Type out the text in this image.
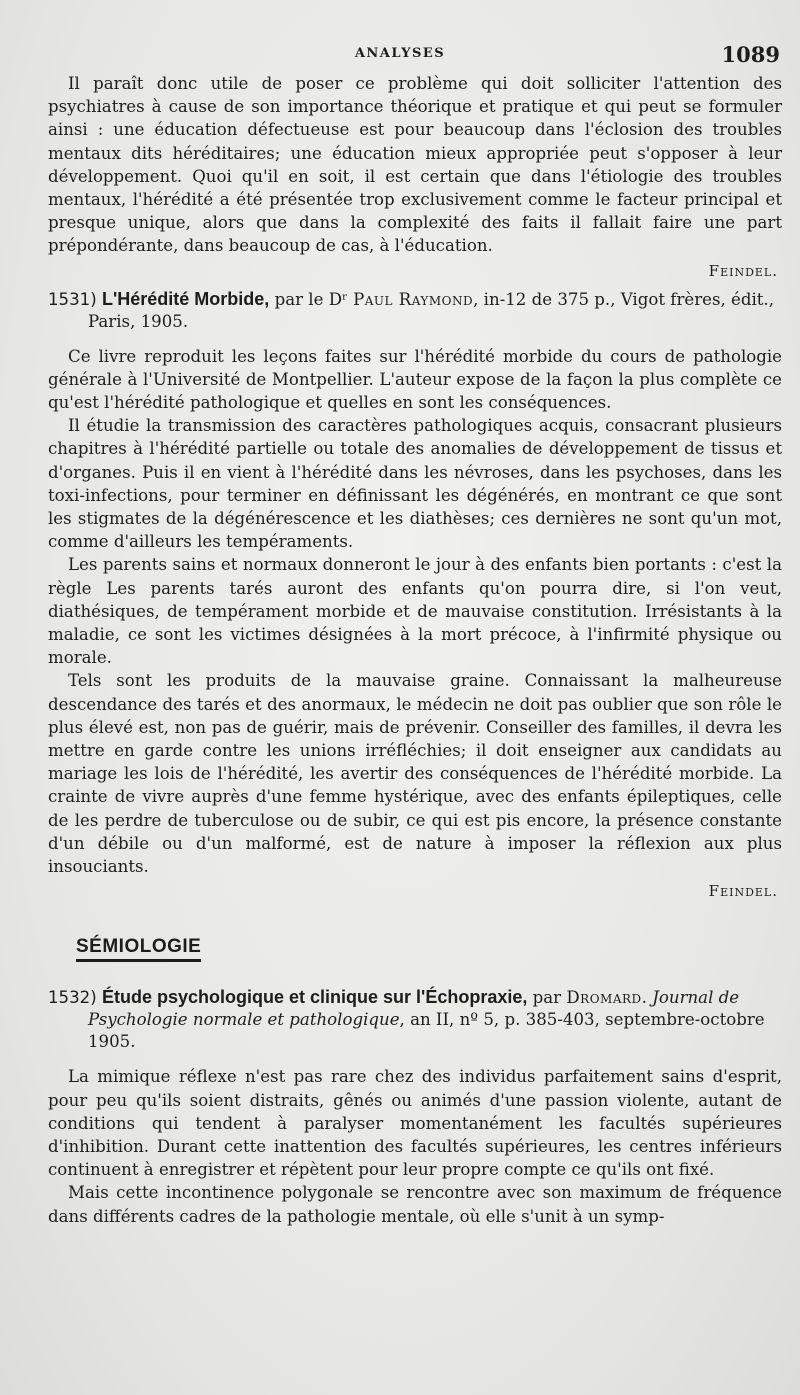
ANALYSES	1089

Il paraît donc utile de poser ce problème qui doit solliciter l'attention des psychiatres à cause de son importance théorique et pratique et qui peut se formuler ainsi : une éducation défectueuse est pour beaucoup dans l'éclosion des troubles mentaux dits héréditaires; une éducation mieux appropriée peut s'opposer à leur développement. Quoi qu'il en soit, il est certain que dans l'étiologie des troubles mentaux, l'hérédité a été présentée trop exclusivement comme le facteur principal et presque unique, alors que dans la complexité des faits il fallait faire une part prépondérante, dans beaucoup de cas, à l'éducation.

Feindel.
1531) L'Hérédité Morbide, par le Dʳ Paul Raymond, in-12 de 375 p., Vigot frères, édit., Paris, 1905.

Ce livre reproduit les leçons faites sur l'hérédité morbide du cours de pathologie générale à l'Université de Montpellier. L'auteur expose de la façon la plus complète ce qu'est l'hérédité pathologique et quelles en sont les conséquences.

Il étudie la transmission des caractères pathologiques acquis, consacrant plusieurs chapitres à l'hérédité partielle ou totale des anomalies de développement de tissus et d'organes. Puis il en vient à l'hérédité dans les névroses, dans les psychoses, dans les toxi-infections, pour terminer en définissant les dégénérés, en montrant ce que sont les stigmates de la dégénérescence et les diathèses; ces dernières ne sont qu'un mot, comme d'ailleurs les tempéraments.

Les parents sains et normaux donneront le jour à des enfants bien portants : c'est la règle Les parents tarés auront des enfants qu'on pourra dire, si l'on veut, diathésiques, de tempérament morbide et de mauvaise constitution. Irrésistants à la maladie, ce sont les victimes désignées à la mort précoce, à l'infirmité physique ou morale.

Tels sont les produits de la mauvaise graine. Connaissant la malheureuse descendance des tarés et des anormaux, le médecin ne doit pas oublier que son rôle le plus élevé est, non pas de guérir, mais de prévenir. Conseiller des familles, il devra les mettre en garde contre les unions irréfléchies; il doit enseigner aux candidats au mariage les lois de l'hérédité, les avertir des conséquences de l'hérédité morbide. La crainte de vivre auprès d'une femme hystérique, avec des enfants épileptiques, celle de les perdre de tuberculose ou de subir, ce qui est pis encore, la présence constante d'un débile ou d'un malformé, est de nature à imposer la réflexion aux plus insouciants.

Feindel.
SÉMIOLOGIE
1532) Étude psychologique et clinique sur l'Échopraxie, par Dromard. Journal de Psychologie normale et pathologique, an II, nº 5, p. 385-403, septembre-octobre 1905.

La mimique réflexe n'est pas rare chez des individus parfaitement sains d'esprit, pour peu qu'ils soient distraits, gênés ou animés d'une passion violente, autant de conditions qui tendent à paralyser momentanément les facultés supérieures d'inhibition. Durant cette inattention des facultés supérieures, les centres inférieurs continuent à enregistrer et répètent pour leur propre compte ce qu'ils ont fixé.

Mais cette incontinence polygonale se rencontre avec son maximum de fréquence dans différents cadres de la pathologie mentale, où elle s'unit à un symp-
